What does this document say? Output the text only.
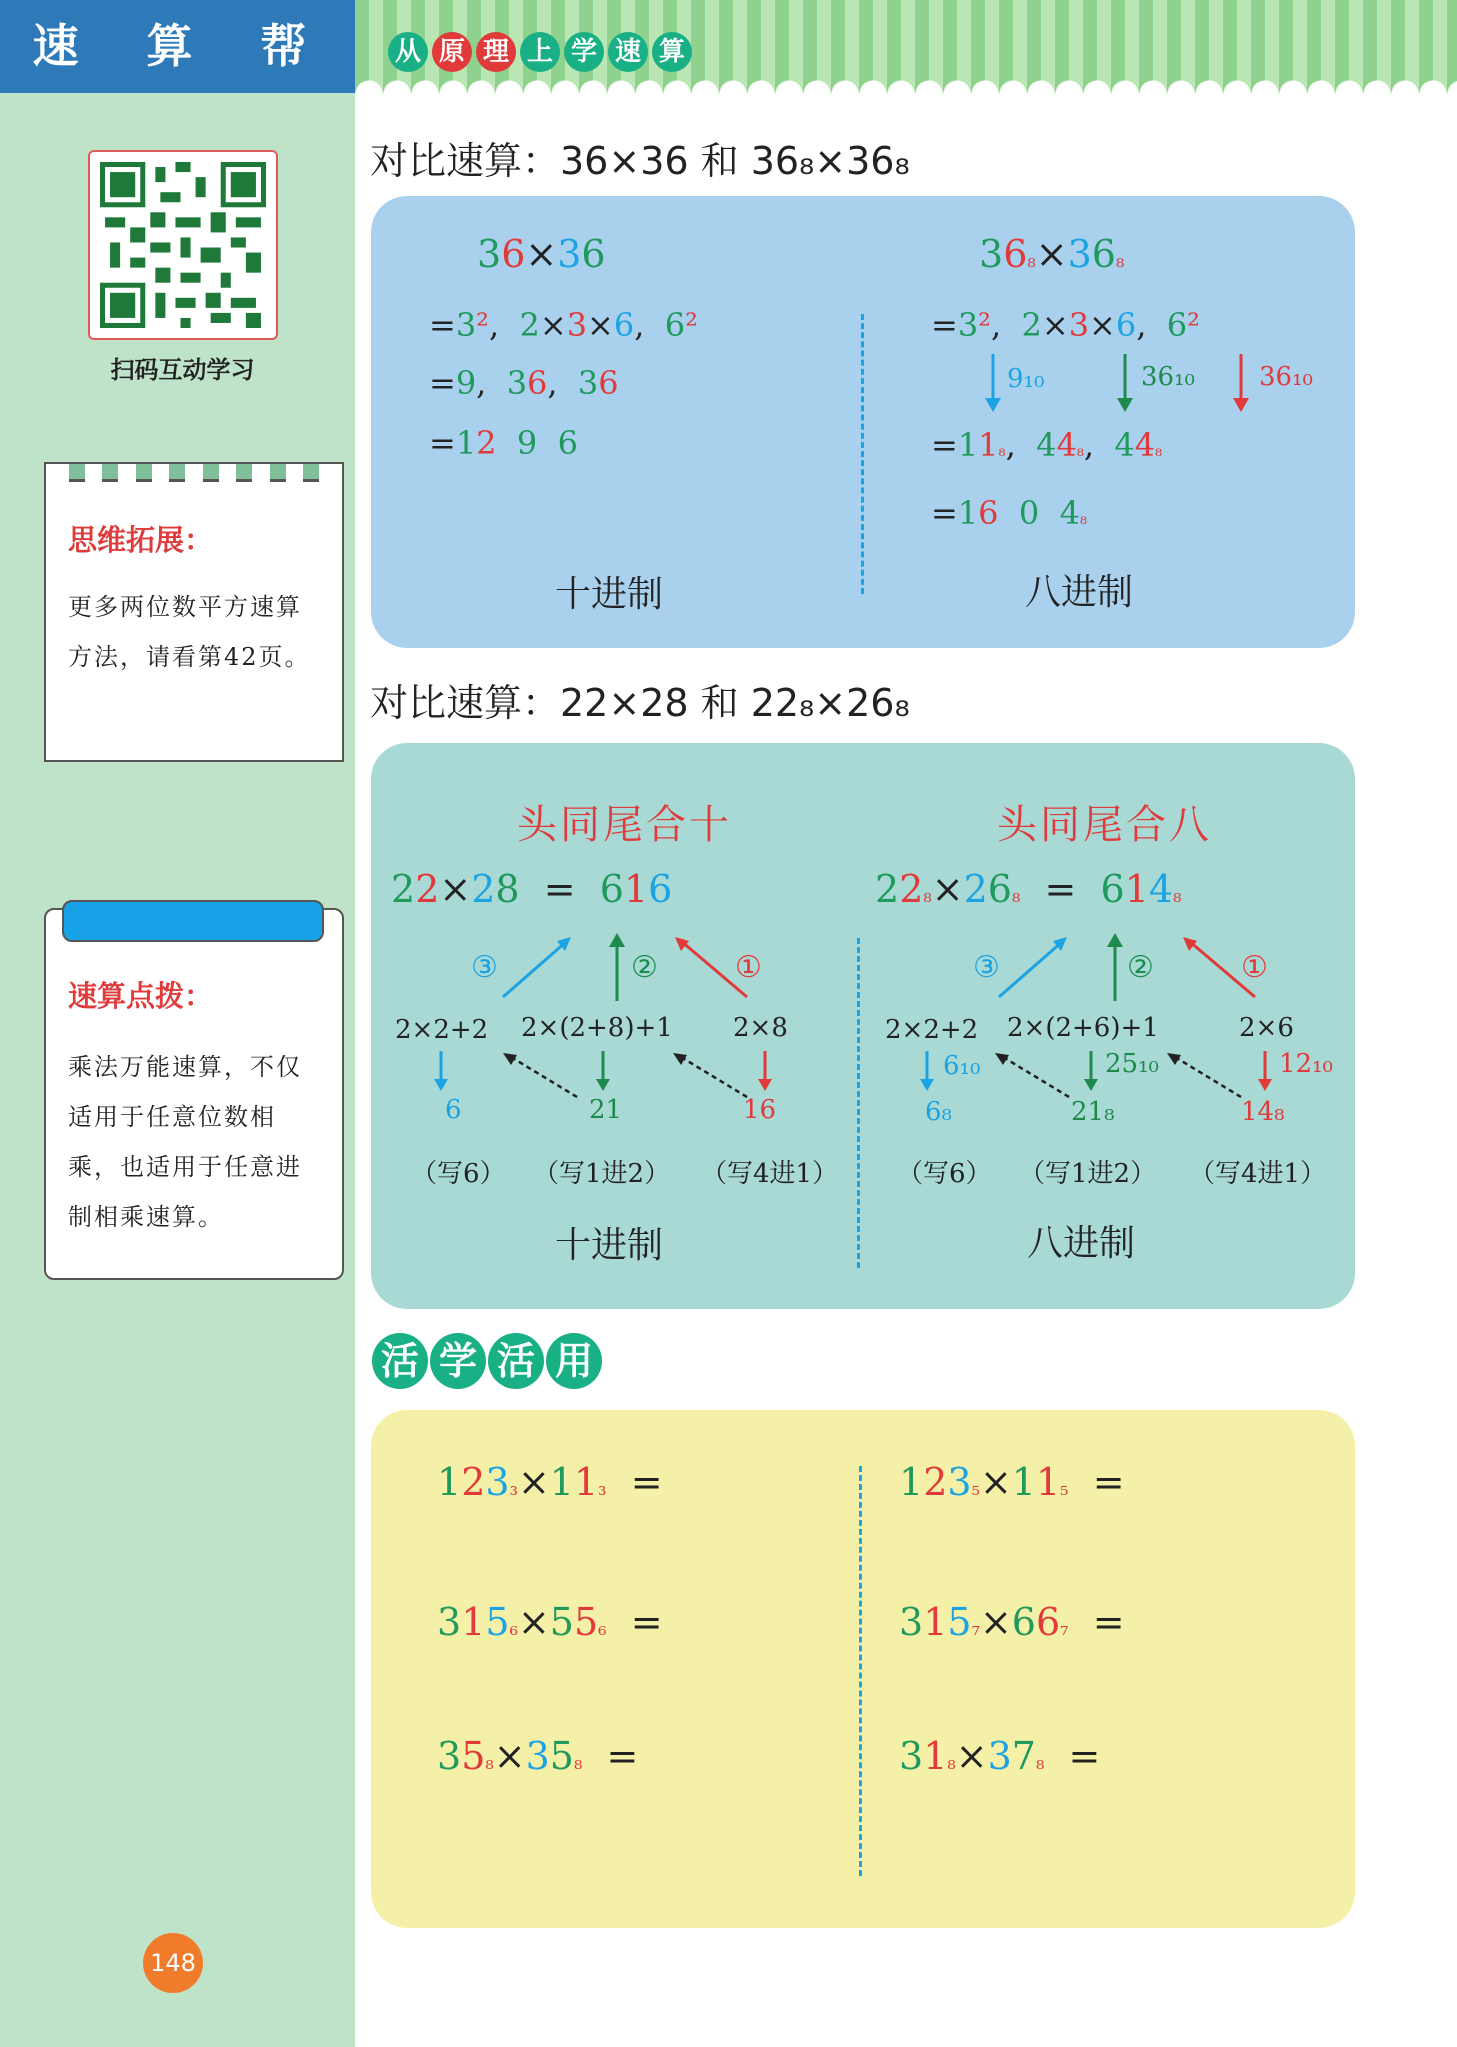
速 算 帮	从 原 理 上 学 速 算
扫码互动学习
思维拓展：
更多两位数平方速算方法，请看第42页。
速算点拨：
乘法万能速算，不仅适用于任意位数相乘，也适用于任意进制相乘速算。
148
对比速算：36×36 和 36₈×36₈
36×36
=3²,  2×3×6,  6²
=9,  36,  36
=12 9 6
十进制
36₈×36₈
=3²,  2×3×6,  6²
9₁₀	36₁₀ 36₁₀
=11₈,  44₈,  44₈
=16 0 4₈
八进制
对比速算：22×28 和 22₈×26₈
头同尾合十
22×28  =  616
③	②	①
2×2+2 2×(2+8)+1 2×8
6	21	16
（写6） （写1进2） （写4进1）
十进制
头同尾合八
22₈×26₈  =  614₈
③	②	①
2×2+2 2×(2+6)+1	2×6
6₁₀	25₁₀	12₁₀
6₈	21₈	14₈
（写6） （写1进2） （写4进1）
八进制
活 学 活 用
123₃×11₃  =	123₅×11₅  =
315₆×55₆  =	315₇×66₇  =
35₈×35₈  =	31₈×37₈  =
